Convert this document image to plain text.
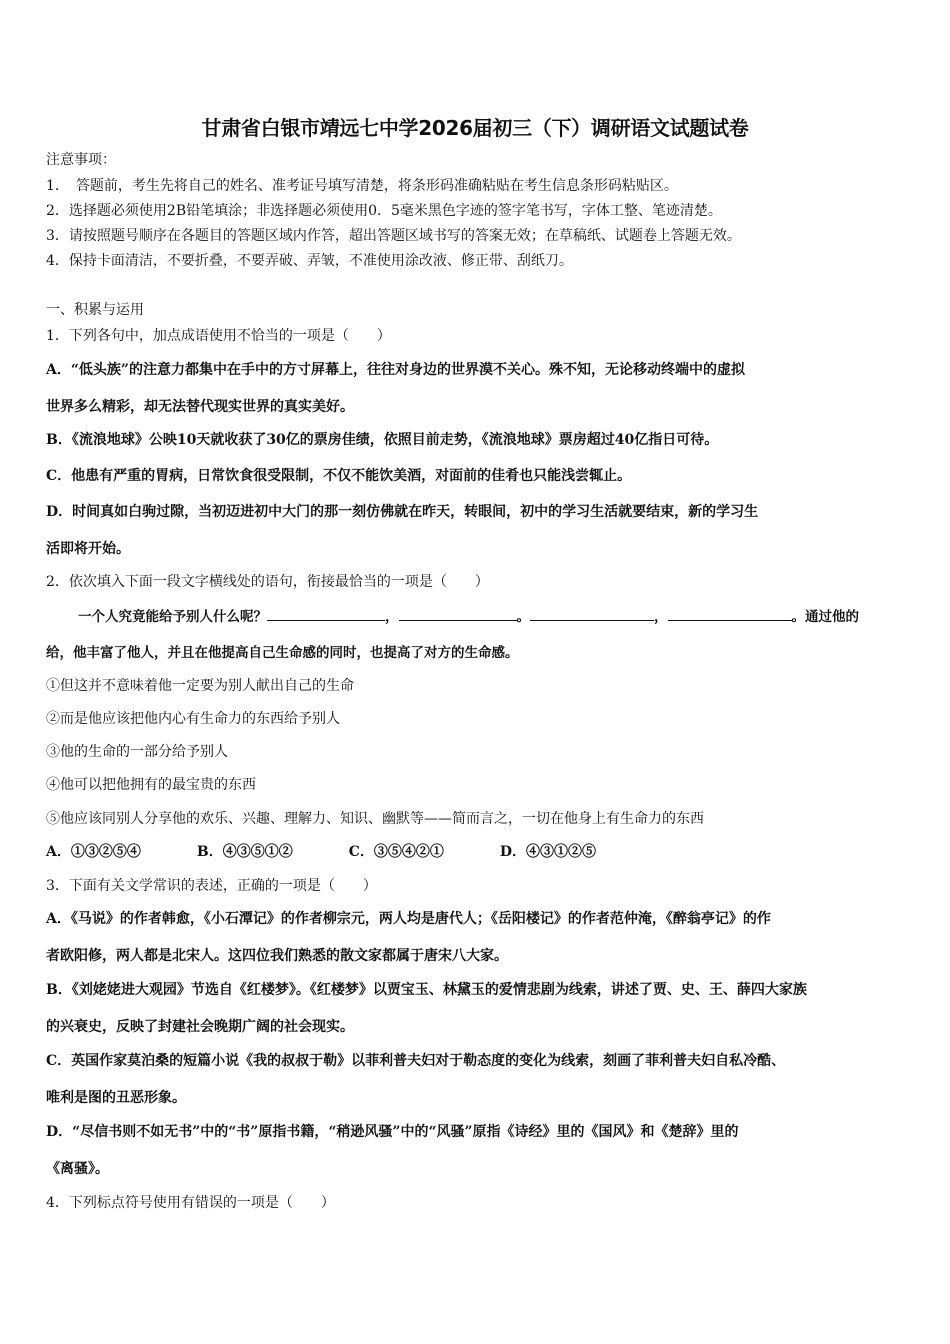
甘肃省白银市靖远七中学2026届初三（下）调研语文试题试卷
注意事项：
1．　答题前，考生先将自己的姓名、准考证号填写清楚，将条形码准确粘贴在考生信息条形码粘贴区。
2．选择题必须使用2B铅笔填涂；非选择题必须使用0．5毫米黑色字迹的签字笔书写，字体工整、笔迹清楚。
3．请按照题号顺序在各题目的答题区域内作答，超出答题区域书写的答案无效；在草稿纸、试题卷上答题无效。
4．保持卡面清洁，不要折叠，不要弄破、弄皱，不准使用涂改液、修正带、刮纸刀。
一、积累与运用
1．下列各句中，加点成语使用不恰当的一项是（　　）
A．“低头族”的注意力都集中在手中的方寸屏幕上，往往对身边的世界漠不关心。殊不知，无论移动终端中的虚拟
世界多么精彩，却无法替代现实世界的真实美好。
B．《流浪地球》公映10天就收获了30亿的票房佳绩，依照目前走势，《流浪地球》票房超过40亿指日可待。
C．他患有严重的胃病，日常饮食很受限制，不仅不能饮美酒，对面前的佳肴也只能浅尝辄止。
D．时间真如白驹过隙，当初迈进初中大门的那一刻仿佛就在昨天，转眼间，初中的学习生活就要结束，新的学习生
活即将开始。
2．依次填入下面一段文字横线处的语句，衔接最恰当的一项是（　　）
一个人究竟能给予别人什么呢？	，	。	，	。通过他的
给，他丰富了他人，并且在他提高自己生命感的同时，也提高了对方的生命感。
①但这并不意味着他一定要为别人献出自己的生命
②而是他应该把他内心有生命力的东西给予别人
③他的生命的一部分给予别人
④他可以把他拥有的最宝贵的东西
⑤他应该同别人分享他的欢乐、兴趣、理解力、知识、幽默等——简而言之，一切在他身上有生命力的东西
A．①③②⑤④	B．④③⑤①②	C．③⑤④②①	D．④③①②⑤
3．下面有关文学常识的表述，正确的一项是（　　）
A．《马说》的作者韩愈，《小石潭记》的作者柳宗元，两人均是唐代人；《岳阳楼记》的作者范仲淹，《醉翁亭记》的作
者欧阳修，两人都是北宋人。这四位我们熟悉的散文家都属于唐宋八大家。
B．《刘姥姥进大观园》节选自《红楼梦》。《红楼梦》以贾宝玉、林黛玉的爱情悲剧为线索，讲述了贾、史、王、薛四大家族
的兴衰史，反映了封建社会晚期广阔的社会现实。
C．英国作家莫泊桑的短篇小说《我的叔叔于勒》以菲利普夫妇对于勒态度的变化为线索，刻画了菲利普夫妇自私冷酷、
唯利是图的丑恶形象。
D．“尽信书则不如无书”中的“书”原指书籍，“稍逊风骚”中的“风骚”原指《诗经》里的《国风》和《楚辞》里的
《离骚》。
4．下列标点符号使用有错误的一项是（　　）
